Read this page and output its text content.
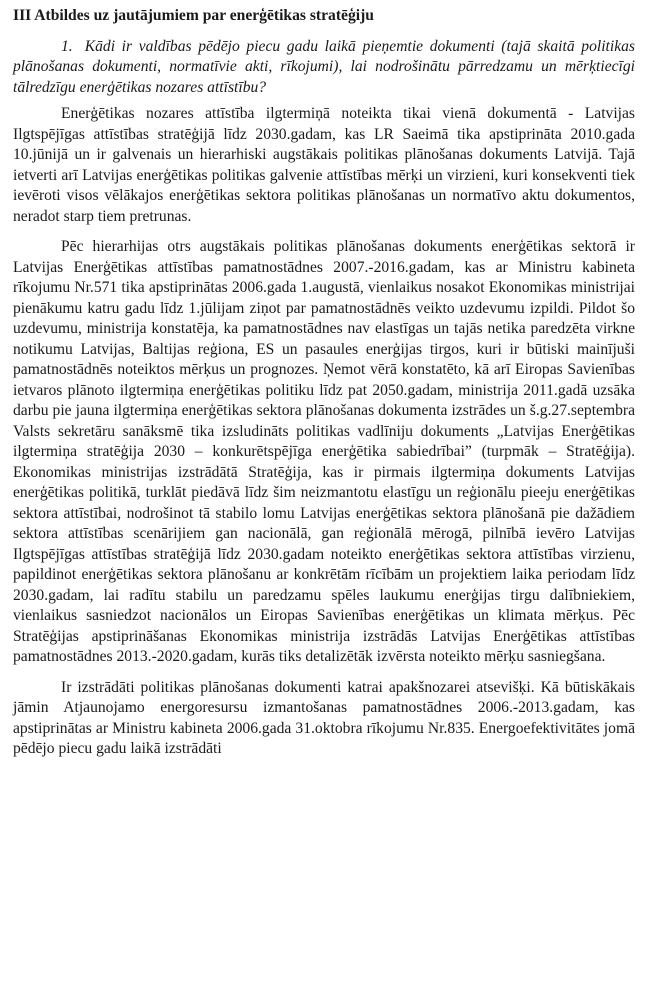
III Atbildes uz jautājumiem par enerģētikas stratēģiju
1. Kādi ir valdības pēdējo piecu gadu laikā pieņemtie dokumenti (tajā skaitā politikas plānošanas dokumenti, normatīvie akti, rīkojumi), lai nodrošinātu pārredzamu un mērķtiecīgi tālredzīgu enerģētikas nozares attīstību?

Enerģētikas nozares attīstība ilgtermiņā noteikta tikai vienā dokumentā - Latvijas Ilgtspējīgas attīstības stratēģijā līdz 2030.gadam, kas LR Saeimā tika apstiprināta 2010.gada 10.jūnijā un ir galvenais un hierarhiski augstākais politikas plānošanas dokuments Latvijā. Tajā ietverti arī Latvijas enerģētikas politikas galvenie attīstības mērķi un virzieni, kuri konsekventi tiek ievēroti visos vēlākajos enerģētikas sektora politikas plānošanas un normatīvo aktu dokumentos, neradot starp tiem pretrunas.

Pēc hierarhijas otrs augstākais politikas plānošanas dokuments enerģētikas sektorā ir Latvijas Enerģētikas attīstības pamatnostādnes 2007.-2016.gadam, kas ar Ministru kabineta rīkojumu Nr.571 tika apstiprinātas 2006.gada 1.augustā, vienlaikus nosakot Ekonomikas ministrijai pienākumu katru gadu līdz 1.jūlijam ziņot par pamatnostādnēs veikto uzdevumu izpildi. Pildot šo uzdevumu, ministrija konstatēja, ka pamatnostādnes nav elastīgas un tajās netika paredzēta virkne notikumu Latvijas, Baltijas reģiona, ES un pasaules enerģijas tirgos, kuri ir būtiski mainījuši pamatnostādnēs noteiktos mērķus un prognozes. Ņemot vērā konstatēto, kā arī Eiropas Savienības ietvaros plānoto ilgtermiņa enerģētikas politiku līdz pat 2050.gadam, ministrija 2011.gadā uzsāka darbu pie jauna ilgtermiņa enerģētikas sektora plānošanas dokumenta izstrādes un š.g.27.septembra Valsts sekretāru sanāksmē tika izsludināts politikas vadlīniju dokuments „Latvijas Enerģētikas ilgtermiņa stratēģija 2030 – konkurētspējīga enerģētika sabiedrībai” (turpmāk – Stratēģija). Ekonomikas ministrijas izstrādātā Stratēģija, kas ir pirmais ilgtermiņa dokuments Latvijas enerģētikas politikā, turklāt piedāvā līdz šim neizmantotu elastīgu un reģionālu pieeju enerģētikas sektora attīstībai, nodrošinot tā stabilo lomu Latvijas enerģētikas sektora plānošanā pie dažādiem sektora attīstības scenārijiem gan nacionālā, gan reģionālā mērogā, pilnībā ievēro Latvijas Ilgtspējīgas attīstības stratēģijā līdz 2030.gadam noteikto enerģētikas sektora attīstības virzienu, papildinot enerģētikas sektora plānošanu ar konkrētām rīcībām un projektiem laika periodam līdz 2030.gadam, lai radītu stabilu un paredzamu spēles laukumu enerģijas tirgu dalībniekiem, vienlaikus sasniedzot nacionālos un Eiropas Savienības enerģētikas un klimata mērķus. Pēc Stratēģijas apstiprināšanas Ekonomikas ministrija izstrādās Latvijas Enerģētikas attīstības pamatnostādnes 2013.-2020.gadam, kurās tiks detalizētāk izvērsta noteikto mērķu sasniegšana.

Ir izstrādāti politikas plānošanas dokumenti katrai apakšnozarei atsevišķi. Kā būtiskākais jāmin Atjaunojamo energoresursu izmantošanas pamatnostādnes 2006.-2013.gadam, kas apstiprinātas ar Ministru kabineta 2006.gada 31.oktobra rīkojumu Nr.835. Energoefektivitātes jomā pēdējo piecu gadu laikā izstrādāti
